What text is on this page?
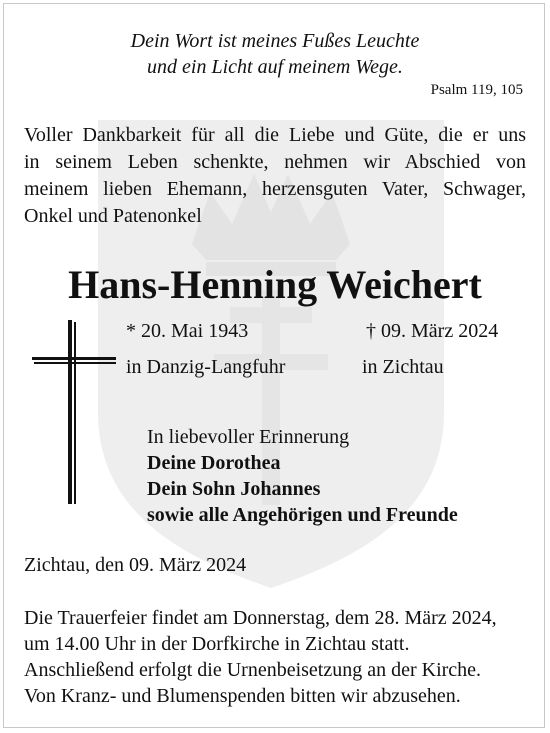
Dein Wort ist meines Fußes Leuchte
und ein Licht auf meinem Wege.
Psalm 119, 105
Voller Dankbarkeit für all die Liebe und Güte, die er uns
in seinem Leben schenkte, nehmen wir Abschied von
meinem lieben Ehemann, herzensguten Vater, Schwager,
Onkel und Patenonkel
Hans-Henning Weichert
* 20. Mai 1943	† 09. März 2024
in Danzig-Langfuhr	in Zichtau
In liebevoller Erinnerung
Deine Dorothea
Dein Sohn Johannes
sowie alle Angehörigen und Freunde
Zichtau, den 09. März 2024
Die Trauerfeier findet am Donnerstag, dem 28. März 2024,
um 14.00 Uhr in der Dorfkirche in Zichtau statt.
Anschließend erfolgt die Urnenbeisetzung an der Kirche.
Von Kranz- und Blumenspenden bitten wir abzusehen.
